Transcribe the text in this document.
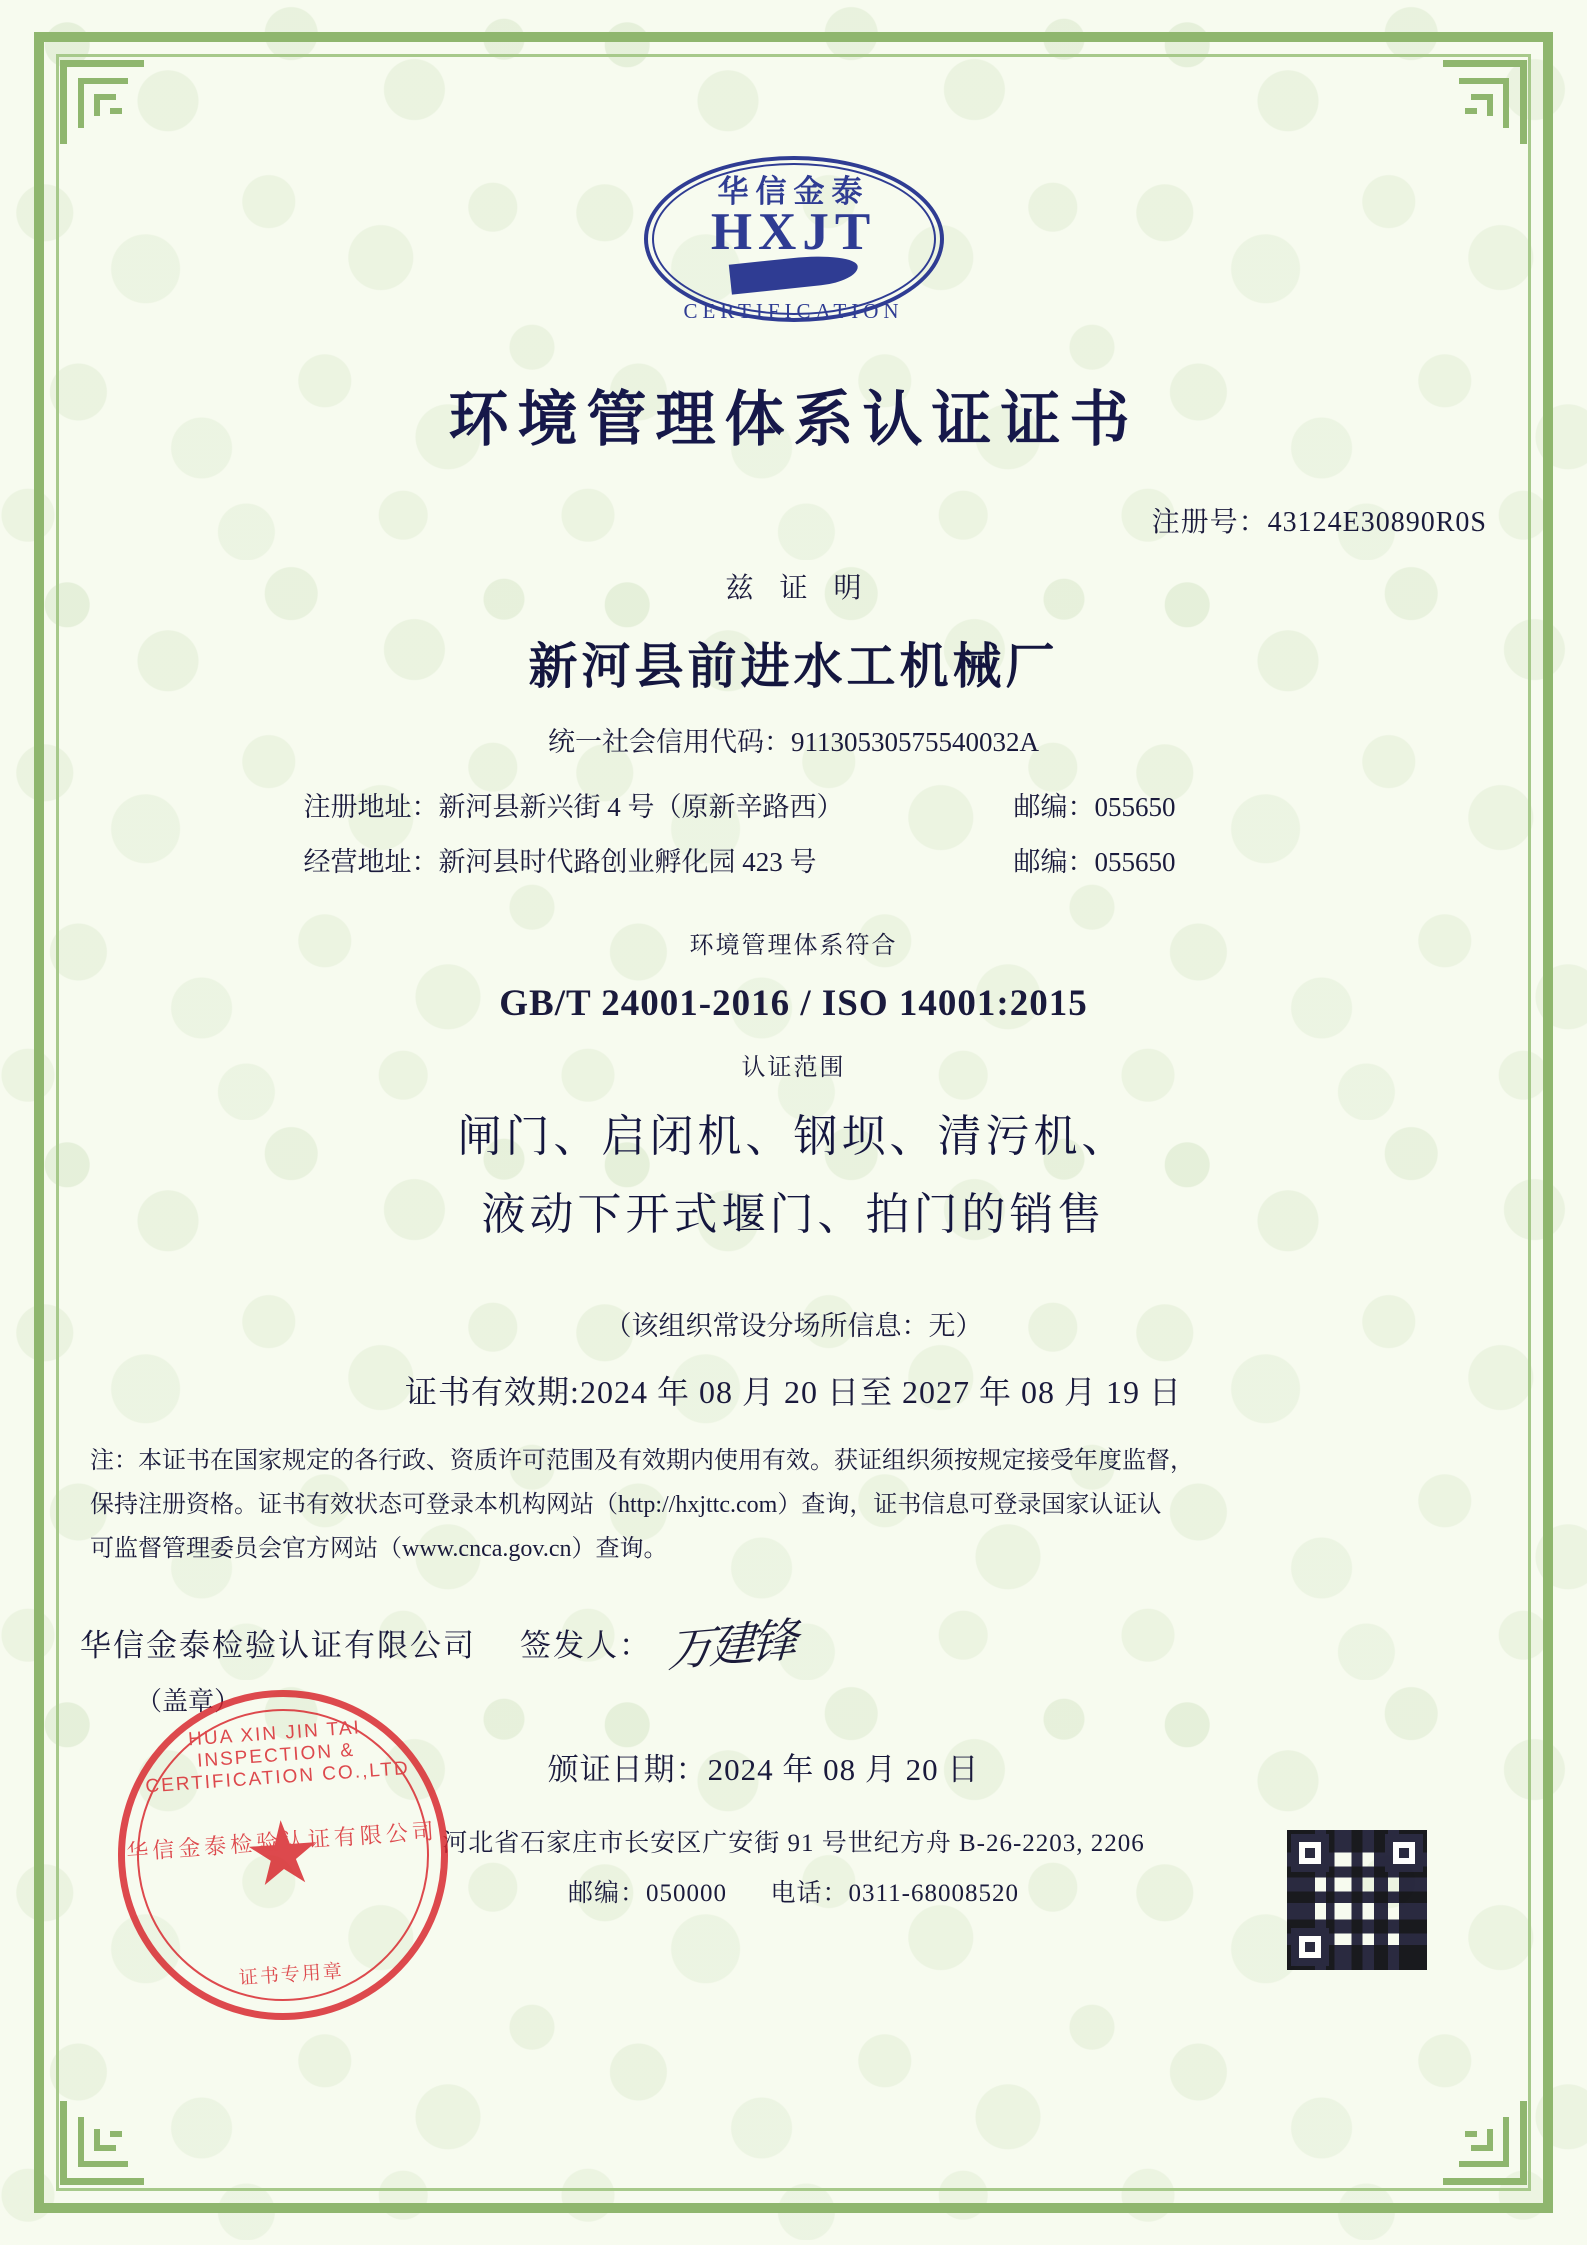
华信金泰
HXJT
CERTIFICATION
环境管理体系认证证书
注册号：43124E30890R0S
兹证明
新河县前进水工机械厂
统一社会信用代码：91130530575540032A
注册地址：新河县新兴街 4 号（原新辛路西）	邮编：055650
经营地址：新河县时代路创业孵化园 423 号	邮编：055650
环境管理体系符合
GB/T 24001-2016 / ISO 14001:2015
认证范围
闸门、启闭机、钢坝、清污机、
液动下开式堰门、拍门的销售
（该组织常设分场所信息：无）
证书有效期:2024 年 08 月 20 日至 2027 年 08 月 19 日
注：本证书在国家规定的各行政、资质许可范围及有效期内使用有效。获证组织须按规定接受年度监督，
保持注册资格。证书有效状态可登录本机构网站（http://hxjttc.com）查询，证书信息可登录国家认证认
可监督管理委员会官方网站（www.cnca.gov.cn）查询。
华信金泰检验认证有限公司 签发人： 万建锋
（盖章）
颁证日期：2024 年 08 月 20 日
河北省石家庄市长安区广安街 91 号世纪方舟 B-26-2203, 2206
邮编：050000 电话：0311-68008520
HUA XIN JIN TAI INSPECTION & CERTIFICATION CO.,LTD
华信金泰检验认证有限公司
证书专用章
